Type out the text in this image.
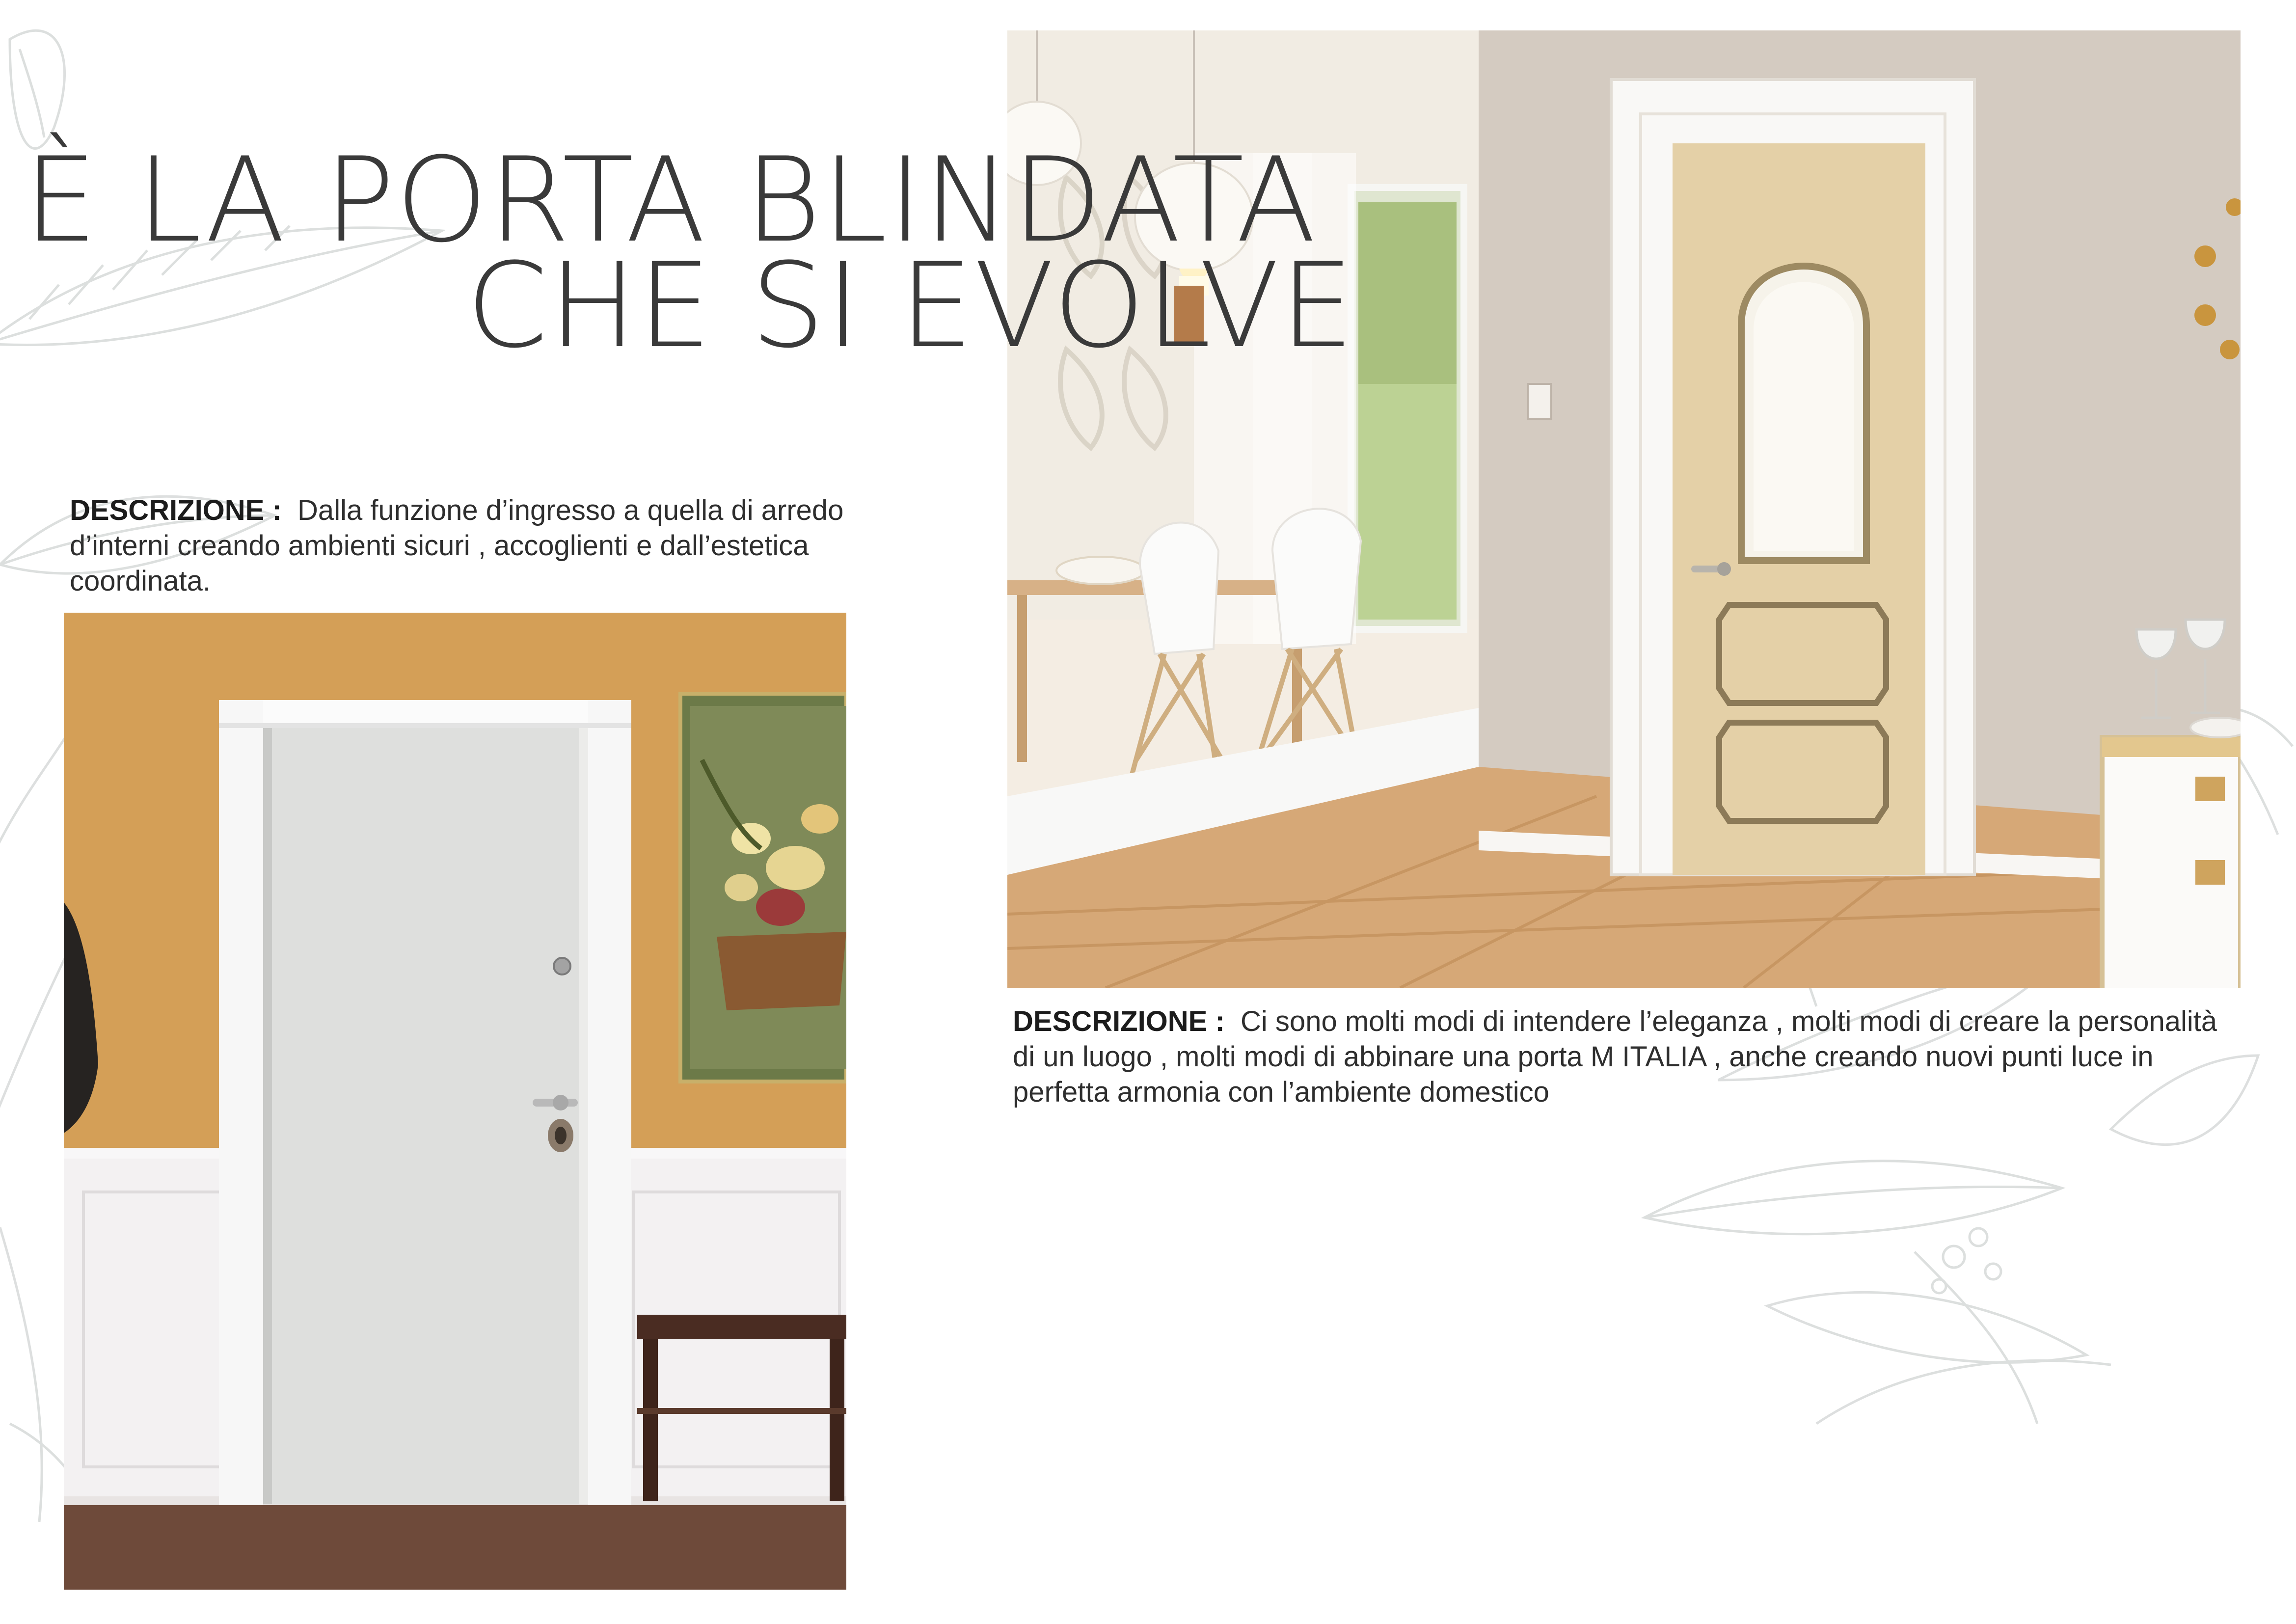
È LA PORTA BLINDATA
CHE SI EVOLVE
DESCRIZIONE : Dalla funzione d’ingresso a quella di arredo d’interni creando ambienti sicuri , accoglienti e dall’estetica coordinata.
DESCRIZIONE : Ci sono molti modi di intendere l’eleganza , molti modi di creare la personalità di un luogo , molti modi di abbinare una porta M ITALIA , anche creando nuovi punti luce in perfetta armonia con l’ambiente domestico
